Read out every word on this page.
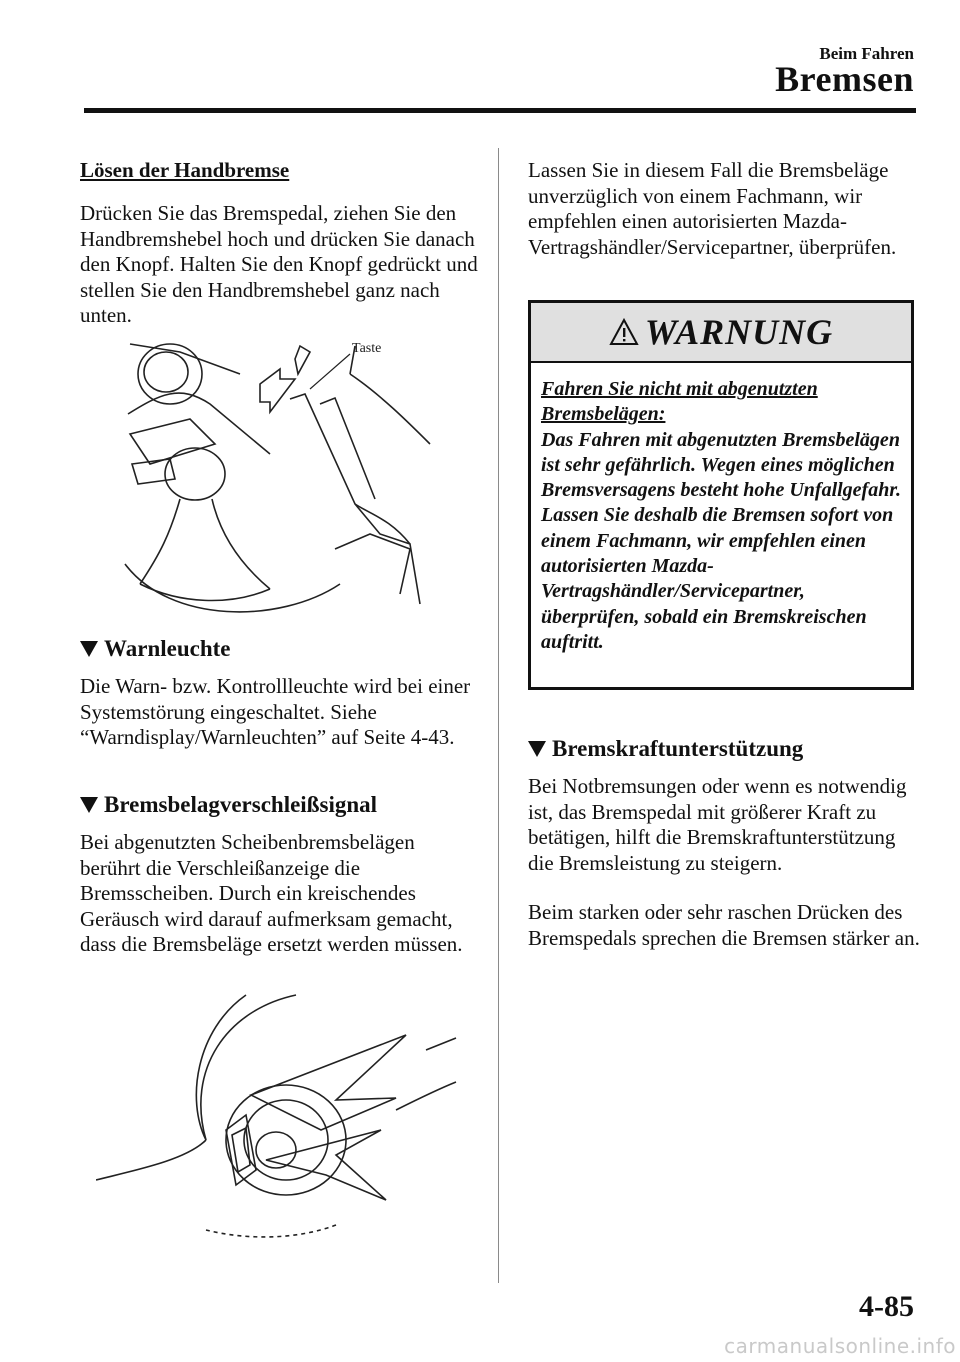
Beim Fahren
Bremsen

Lösen der Handbremse

Drücken Sie das Bremspedal, ziehen Sie den Handbremshebel hoch und drücken Sie danach den Knopf. Halten Sie den Knopf gedrückt und stellen Sie den Handbremshebel ganz nach unten.

Taste
Warnleuchte

Die Warn- bzw. Kontrollleuchte wird bei einer Systemstörung eingeschaltet. Siehe “Warndisplay/Warnleuchten” auf Seite 4-43.

Bremsbelagverschleißsignal

Bei abgenutzten Scheibenbremsbelägen berührt die Verschleißanzeige die Bremsscheiben. Durch ein kreischendes Geräusch wird darauf aufmerksam gemacht, dass die Bremsbeläge ersetzt werden müssen.

Lassen Sie in diesem Fall die Bremsbeläge unverzüglich von einem Fachmann, wir empfehlen einen autorisierten Mazda-Vertragshändler/Servicepartner, überprüfen.

WARNUNG
Fahren Sie nicht mit abgenutzten Bremsbelägen:
Das Fahren mit abgenutzten Bremsbelägen ist sehr gefährlich. Wegen eines möglichen Bremsversagens besteht hohe Unfallgefahr. Lassen Sie deshalb die Bremsen sofort von einem Fachmann, wir empfehlen einen autorisierten Mazda-Vertragshändler/Servicepartner, überprüfen, sobald ein Bremskreischen auftritt.
Bremskraftunterstützung

Bei Notbremsungen oder wenn es notwendig ist, das Bremspedal mit größerer Kraft zu betätigen, hilft die Bremskraftunterstützung die Bremsleistung zu steigern.

Beim starken oder sehr raschen Drücken des Bremspedals sprechen die Bremsen stärker an.

4-85
carmanualsonline.info
